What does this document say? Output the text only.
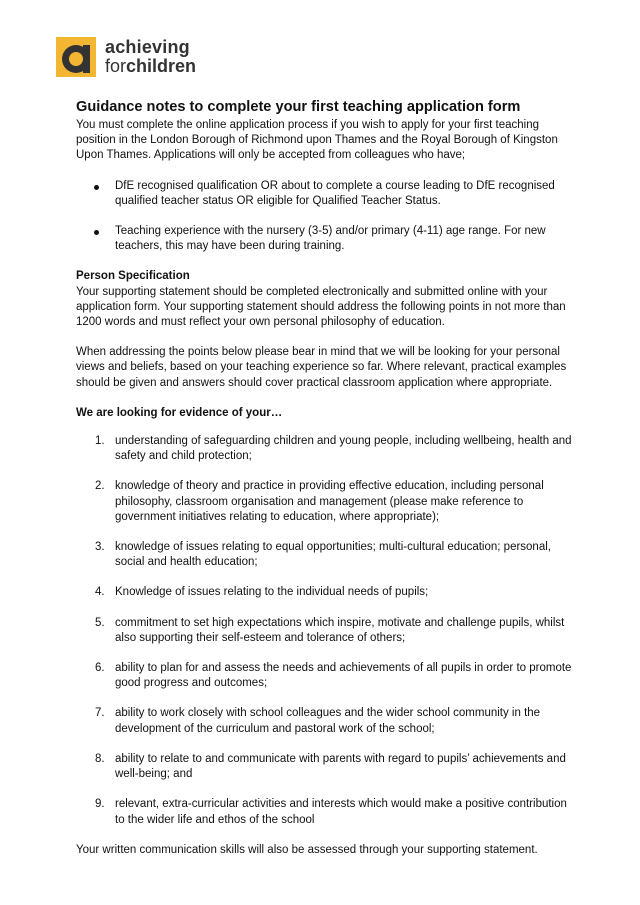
achieving
forchildren
Guidance notes to complete your first teaching application form

You must complete the online application process if you wish to apply for your first teaching position in the London Borough of Richmond upon Thames and the Royal Borough of Kingston Upon Thames. Applications will only be accepted from colleagues who have;

DfE recognised qualification OR about to complete a course leading to DfE recognised qualified teacher status OR eligible for Qualified Teacher Status.
Teaching experience with the nursery (3-5) and/or primary (4-11) age range. For new teachers, this may have been during training.

Person Specification

Your supporting statement should be completed electronically and submitted online with your application form. Your supporting statement should address the following points in not more than 1200 words and must reflect your own personal philosophy of education.

When addressing the points below please bear in mind that we will be looking for your personal views and beliefs, based on your teaching experience so far. Where relevant, practical examples should be given and answers should cover practical classroom application where appropriate.

We are looking for evidence of your…

1. understanding of safeguarding children and young people, including wellbeing, health and safety and child protection;
2. knowledge of theory and practice in providing effective education, including personal philosophy, classroom organisation and management (please make reference to government initiatives relating to education, where appropriate);
3. knowledge of issues relating to equal opportunities; multi-cultural education; personal, social and health education;
4. Knowledge of issues relating to the individual needs of pupils;
5. commitment to set high expectations which inspire, motivate and challenge pupils, whilst also supporting their self-esteem and tolerance of others;
6. ability to plan for and assess the needs and achievements of all pupils in order to promote good progress and outcomes;
7. ability to work closely with school colleagues and the wider school community in the development of the curriculum and pastoral work of the school;
8. ability to relate to and communicate with parents with regard to pupils’ achievements and well-being; and
9. relevant, extra-curricular activities and interests which would make a positive contribution to the wider life and ethos of the school

Your written communication skills will also be assessed through your supporting statement.
